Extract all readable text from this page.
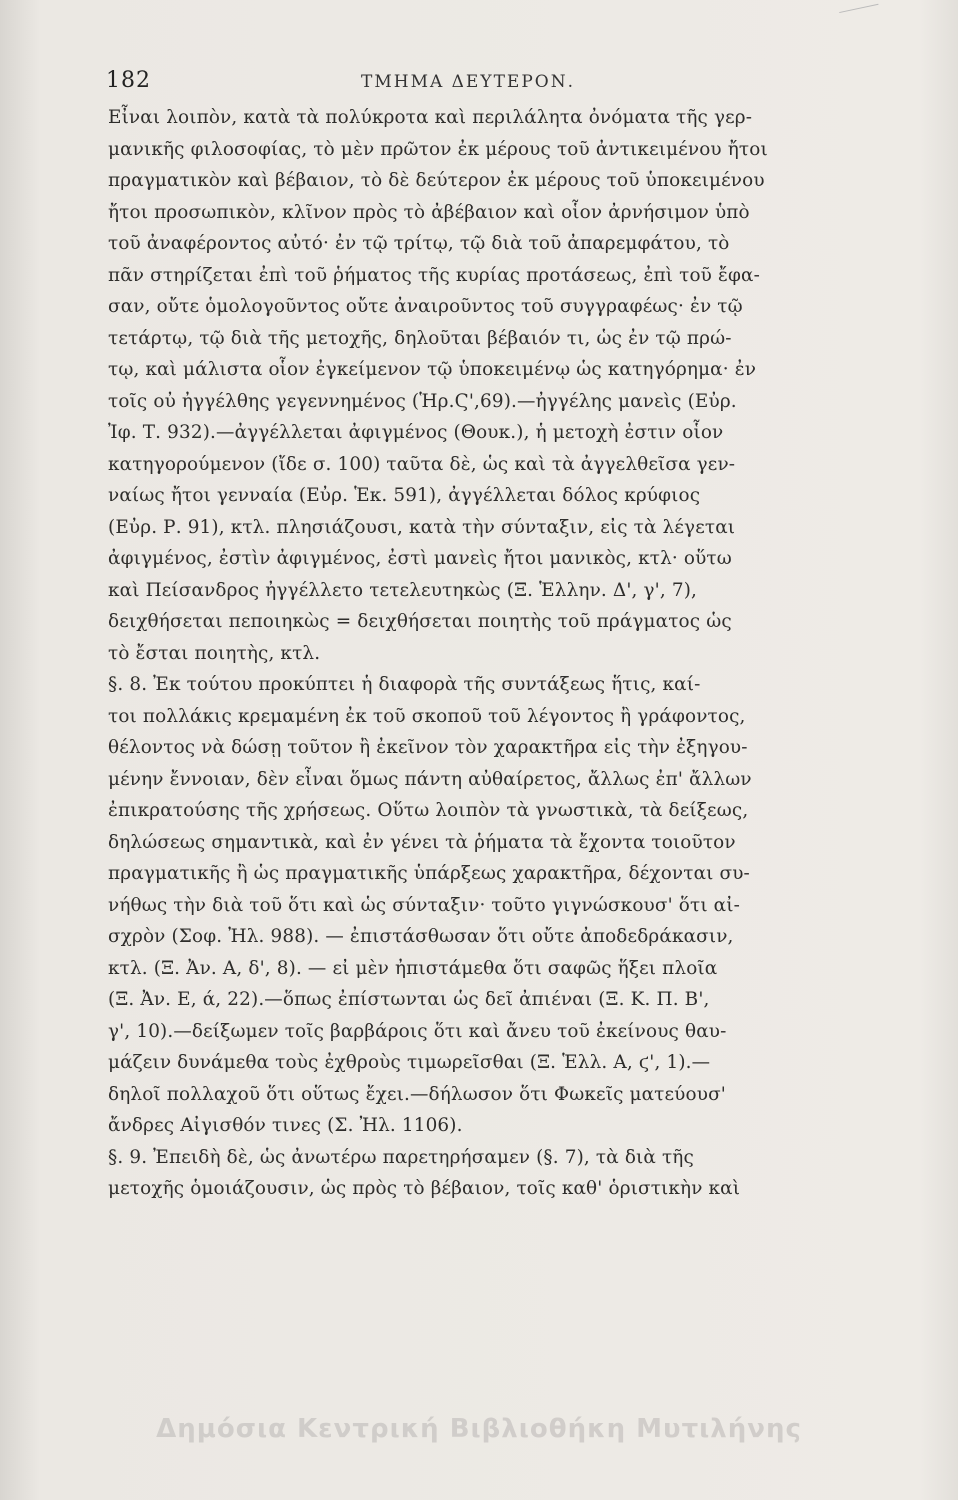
182	ΤΜΗΜΑ ΔΕΥΤΕΡΟΝ.
Εἶναι λοιπὸν, κατὰ τὰ πολύκροτα καὶ περιλάλητα ὀνόματα τῆς γερ-
μανικῆς φιλοσοφίας, τὸ μὲν πρῶτον ἐκ μέρους τοῦ ἀντικειμένου ἤτοι
πραγματικὸν καὶ βέβαιον, τὸ δὲ δεύτερον ἐκ μέρους τοῦ ὑποκειμένου
ἤτοι προσωπικὸν, κλῖνον πρὸς τὸ ἀβέβαιον καὶ οἷον ἀρνήσιμον ὑπὸ
τοῦ ἀναφέροντος αὐτό· ἐν τῷ τρίτῳ, τῷ διὰ τοῦ ἀπαρεμφάτου, τὸ
πᾶν στηρίζεται ἐπὶ τοῦ ῥήματος τῆς κυρίας προτάσεως, ἐπὶ τοῦ ἔφα-
σαν, οὔτε ὁμολογοῦντος οὔτε ἀναιροῦντος τοῦ συγγραφέως· ἐν τῷ
τετάρτῳ, τῷ διὰ τῆς μετοχῆς, δηλοῦται βέβαιόν τι, ὡς ἐν τῷ πρώ-
τῳ, καὶ μάλιστα οἷον ἐγκείμενον τῷ ὑποκειμένῳ ὡς κατηγόρημα· ἐν
τοῖς οὐ ἠγγέλθης γεγεννημένος (Ἡρ.Ϛ',69).—ἠγγέλης μανεὶς (Εὐρ.
Ἰφ. Τ. 932).—ἀγγέλλεται ἀφιγμένος (Θουκ.), ἡ μετοχὴ ἐστιν οἷον
κατηγορούμενον (ἴδε σ. 100) ταῦτα δὲ, ὡς καὶ τὰ ἀγγελθεῖσα γεν-
ναίως ἤτοι γενναία (Εὐρ. Ἑκ. 591), ἀγγέλλεται δόλος κρύφιος
(Εὐρ. Ρ. 91), κτλ. πλησιάζουσι, κατὰ τὴν σύνταξιν, εἰς τὰ λέγεται
ἀφιγμένος, ἐστὶν ἀφιγμένος, ἐστὶ μανεὶς ἤτοι μανικὸς, κτλ· οὕτω
καὶ Πείσανδρος ἠγγέλλετο τετελευτηκὼς (Ξ. Ἑλλην. Δ', γ', 7),
δειχθήσεται πεποιηκὼς = δειχθήσεται ποιητὴς τοῦ πράγματος ὡς
τὸ ἔσται ποιητὴς, κτλ.
§. 8. Ἐκ τούτου προκύπτει ἡ διαφορὰ τῆς συντάξεως ἥτις, καί-
τοι πολλάκις κρεμαμένη ἐκ τοῦ σκοποῦ τοῦ λέγοντος ἢ γράφοντος,
θέλοντος νὰ δώσῃ τοῦτον ἢ ἐκεῖνον τὸν χαρακτῆρα εἰς τὴν ἐξηγου-
μένην ἔννοιαν, δὲν εἶναι ὅμως πάντη αὐθαίρετος, ἄλλως ἐπ' ἄλλων
ἐπικρατούσης τῆς χρήσεως. Οὕτω λοιπὸν τὰ γνωστικὰ, τὰ δείξεως,
δηλώσεως σημαντικὰ, καὶ ἐν γένει τὰ ῥήματα τὰ ἔχοντα τοιοῦτον
πραγματικῆς ἢ ὡς πραγματικῆς ὑπάρξεως χαρακτῆρα, δέχονται συ-
νήθως τὴν διὰ τοῦ ὅτι καὶ ὡς σύνταξιν· τοῦτο γιγνώσκουσ' ὅτι αἰ-
σχρὸν (Σοφ. Ἠλ. 988). — ἐπιστάσθωσαν ὅτι οὔτε ἀποδεδράκασιν,
κτλ. (Ξ. Ἀν. Α, δ', 8). — εἰ μὲν ἠπιστάμεθα ὅτι σαφῶς ἥξει πλοῖα
(Ξ. Ἀν. Ε, ά, 22).—ὅπως ἐπίστωνται ὡς δεῖ ἀπιέναι (Ξ. Κ. Π. Β',
γ', 10).—δείξωμεν τοῖς βαρβάροις ὅτι καὶ ἄνευ τοῦ ἐκείνους θαυ-
μάζειν δυνάμεθα τοὺς ἐχθροὺς τιμωρεῖσθαι (Ξ. Ἑλλ. Α, ϛ', 1).—
δηλοῖ πολλαχοῦ ὅτι οὕτως ἔχει.—δήλωσον ὅτι Φωκεῖς ματεύουσ'
ἄνδρες Αἰγισθόν τινες (Σ. Ἠλ. 1106).
§. 9. Ἐπειδὴ δὲ, ὡς ἀνωτέρω παρετηρήσαμεν (§. 7), τὰ διὰ τῆς
μετοχῆς ὁμοιάζουσιν, ὡς πρὸς τὸ βέβαιον, τοῖς καθ' ὁριστικὴν καὶ
Δημόσια Κεντρική Βιβλιοθήκη Μυτιλήνης
